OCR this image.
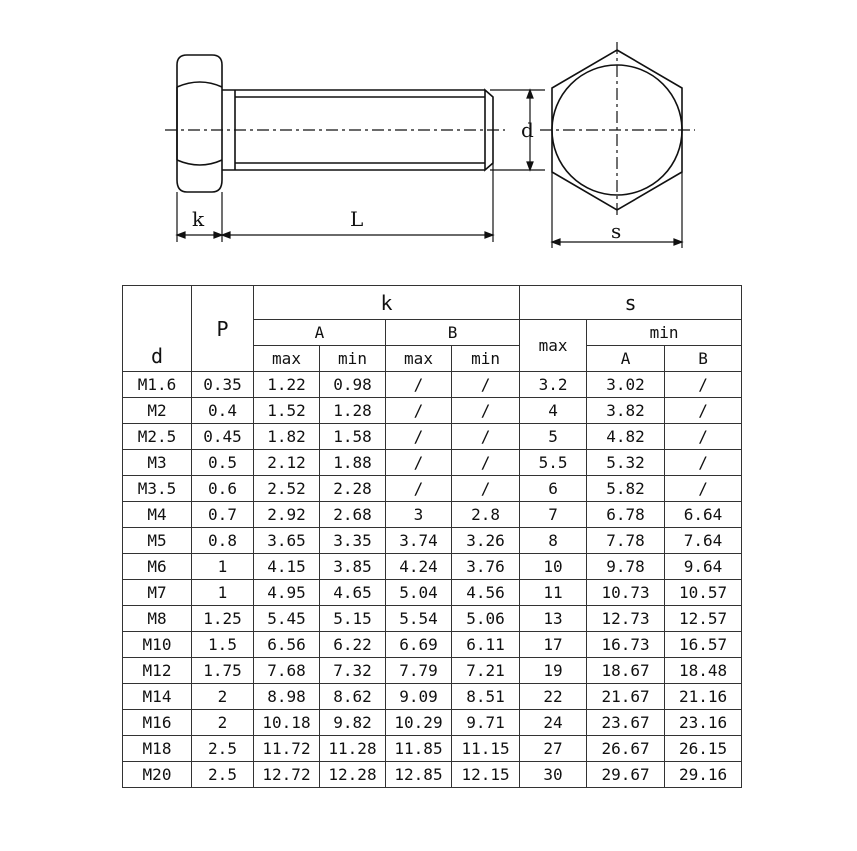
k	L
d
s
d	P	k				s		
		A		B		max	min	
		max	min	max	min		A	B
M1.6	0.35	1.22	0.98	/	/	3.2	3.02	/
M2	0.4	1.52	1.28	/	/	4	3.82	/
M2.5	0.45	1.82	1.58	/	/	5	4.82	/
M3	0.5	2.12	1.88	/	/	5.5	5.32	/
M3.5	0.6	2.52	2.28	/	/	6	5.82	/
M4	0.7	2.92	2.68	3	2.8	7	6.78	6.64
M5	0.8	3.65	3.35	3.74	3.26	8	7.78	7.64
M6	1	4.15	3.85	4.24	3.76	10	9.78	9.64
M7	1	4.95	4.65	5.04	4.56	11	10.73	10.57
M8	1.25	5.45	5.15	5.54	5.06	13	12.73	12.57
M10	1.5	6.56	6.22	6.69	6.11	17	16.73	16.57
M12	1.75	7.68	7.32	7.79	7.21	19	18.67	18.48
M14	2	8.98	8.62	9.09	8.51	22	21.67	21.16
M16	2	10.18	9.82	10.29	9.71	24	23.67	23.16
M18	2.5	11.72	11.28	11.85	11.15	27	26.67	26.15
M20	2.5	12.72	12.28	12.85	12.15	30	29.67	29.16
